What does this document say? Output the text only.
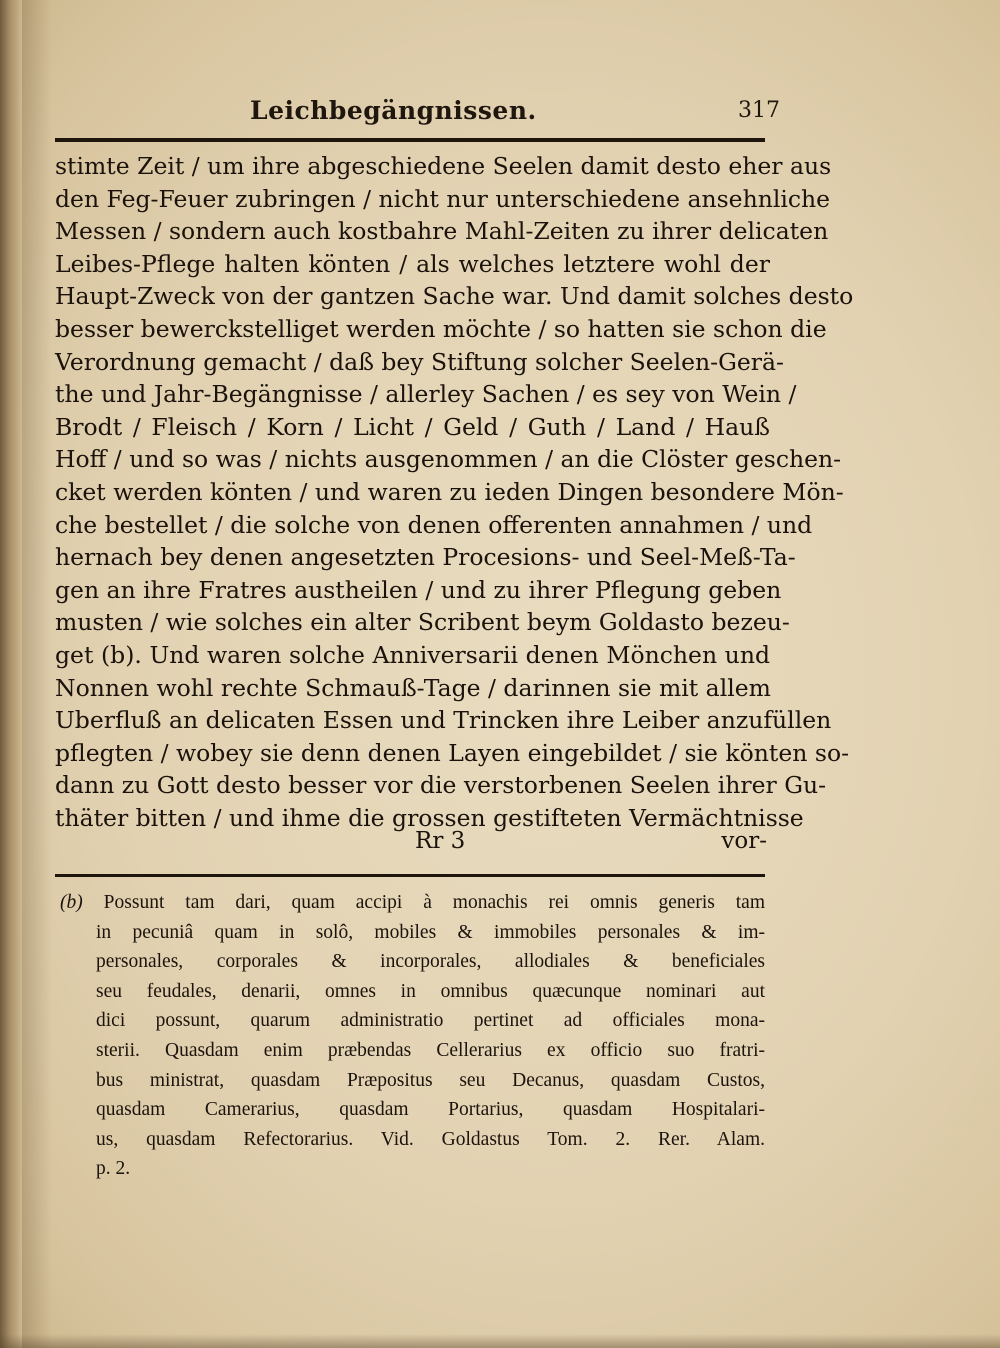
Leichbegängnissen.	317
stimte Zeit / um ihre abgeschiedene Seelen damit desto eher aus
den Feg-Feuer zubringen / nicht nur unterschiedene ansehnliche
Messen / sondern auch kostbahre Mahl-Zeiten zu ihrer delicaten
Leibes-Pflege halten könten / als welches letztere wohl der
Haupt-Zweck von der gantzen Sache war. Und damit solches desto
besser bewerckstelliget werden möchte / so hatten sie schon die
Verordnung gemacht / daß bey Stiftung solcher Seelen-Gerä-
the und Jahr-Begängnisse / allerley Sachen / es sey von Wein /
Brodt / Fleisch / Korn / Licht / Geld / Guth / Land / Hauß
Hoff / und so was / nichts ausgenommen / an die Clöster geschen-
cket werden könten / und waren zu ieden Dingen besondere Mön-
che bestellet / die solche von denen offerenten annahmen / und
hernach bey denen angesetzten Procesions- und Seel-Meß-Ta-
gen an ihre Fratres austheilen / und zu ihrer Pflegung geben
musten / wie solches ein alter Scribent beym Goldasto bezeu-
get (b). Und waren solche Anniversarii denen Mönchen und
Nonnen wohl rechte Schmauß-Tage / darinnen sie mit allem
Uberfluß an delicaten Essen und Trincken ihre Leiber anzufüllen
pflegten / wobey sie denn denen Layen eingebildet / sie könten so-
dann zu Gott desto besser vor die verstorbenen Seelen ihrer Gu-
thäter bitten / und ihme die grossen gestifteten Vermächtnisse
Rr 3	vor-
(b) Possunt tam dari, quam accipi à monachis rei omnis generis tam
in pecuniâ quam in solô, mobiles & immobiles personales & im-
personales, corporales & incorporales, allodiales & beneficiales
seu feudales, denarii, omnes in omnibus quæcunque nominari aut
dici possunt, quarum administratio pertinet ad officiales mona-
sterii. Quasdam enim præbendas Cellerarius ex officio suo fratri-
bus ministrat, quasdam Præpositus seu Decanus, quasdam Custos,
quasdam Camerarius, quasdam Portarius, quasdam Hospitalari-
us, quasdam Refectorarius. Vid. Goldastus Tom. 2. Rer. Alam.
p. 2.
